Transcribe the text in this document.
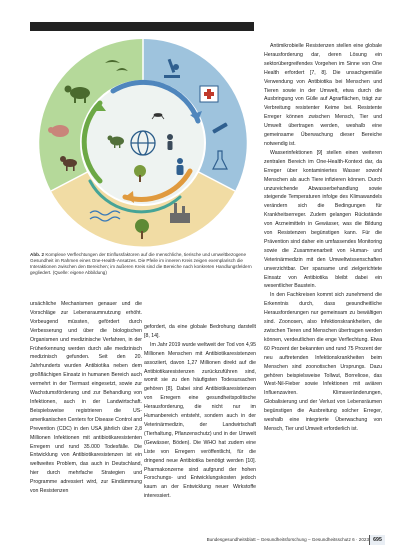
Abb. 2 Komplexe Verflechtungen der Einflussfaktoren auf die menschliche, tierische und umweltbezogene Gesundheit im Rahmen eines One-Health-Ansatzes. Die Pfeile im inneren Kreis zeigen exemplarisch die Interaktionen zwischen den Bereichen; im äußeren Kreis sind die Bereiche nach konkreten Handlungsfeldern gegliedert. (Quelle: eigene Abbildung)

ursächliche Mechanismen genauer und die Vorschläge zur Lebensraumnutzung erhöht. Vorbeugend müssten, gefördert durch Verbesserung und über die biologischen Organismen und medizinische Verfahren, in der Früherkennung werden durch alle medizinisch medizinisch gefunden. Seit den 20. Jahrhunderts wurden Antibiotika neben dem großflächigen Einsatz in humanen Bereich auch vermehrt in der Tiermast eingesetzt, sowie zur Wachstumsförderung und zur Behandlung von Infektionen, auch in der Landwirtschaft. Beispielsweise registrieren die US-amerikanischen Centers for Disease Control and Prevention (CDC) in den USA jährlich über 2,8 Millionen Infektionen mit antibiotikaresistenten Erregern und rund 35.000 Todesfälle. Die Entwicklung von Antibiotikaresistenzen ist ein weltweites Problem, das auch in Deutschland, hier durch mehrfache Strategien und Programme adressiert wird, zur Eindämmung von Resistenzen

gefordert, da eine globale Bedrohung darstellt [8, 14].

Im Jahr 2019 wurde weltweit der Tod von 4,95 Millionen Menschen mit Antibiotikaresistenzen assoziiert, davon 1,27 Millionen direkt auf die Antibiotikaresistenzen zurückzuführen sind, womit sie zu den häufigsten Todesursachen gehören [8]. Dabei sind Antibiotikaresistenzen von Erregern eine gesundheitspolitische Herausforderung, die nicht nur im Humanbereich entsteht, sondern auch in der Veterinärmedizin, der Landwirtschaft (Tierhaltung, Pflanzenschutz) und in der Umwelt (Gewässer, Böden). Die WHO hat zudem eine Liste von Erregern veröffentlicht, für die dringend neue Antibiotika benötigt werden [10]. Pharmakonzerne sind aufgrund der hohen Forschungs- und Entwicklungskosten jedoch kaum an der Entwicklung neuer Wirkstoffe interessiert.

Antimikrobielle Resistenzen stellen eine globale Herausforderung dar, deren Lösung ein sektorübergreifendes Vorgehen im Sinne von One Health erfordert [7, 8]. Die unsachgemäße Verwendung von Antibiotika bei Menschen und Tieren sowie in der Umwelt, etwa durch die Ausbringung von Gülle auf Agrarflächen, trägt zur Verbreitung resistenter Keime bei. Resistente Erreger können zwischen Mensch, Tier und Umwelt übertragen werden, weshalb eine gemeinsame Überwachung dieser Bereiche notwendig ist.

Wasserinfektionen [9] stellen einen weiteren zentralen Bereich im One-Health-Kontext dar, da Erreger über kontaminiertes Wasser sowohl Menschen als auch Tiere infizieren können. Durch unzureichende Abwasserbehandlung sowie steigende Temperaturen infolge des Klimawandels verändern sich die Bedingungen für Krankheitserreger. Zudem gelangen Rückstände von Arzneimitteln in Gewässer, was die Bildung von Resistenzen begünstigen kann. Für die Prävention sind daher ein umfassendes Monitoring sowie die Zusammenarbeit von Human- und Veterinärmedizin mit den Umweltwissenschaften unverzichtbar. Der sparsame und zielgerichtete Einsatz von Antibiotika bleibt dabei ein wesentlicher Baustein.

In den Fachkreisen kommt sich zunehmend die Erkenntnis durch, dass gesundheitliche Herausforderungen nur gemeinsam zu bewältigen sind. Zoonosen, also Infektionskrankheiten, die zwischen Tieren und Menschen übertragen werden können, verdeutlichen die enge Verflechtung. Etwa 60 Prozent der bekannten und rund 75 Prozent der neu auftretenden Infektionskrankheiten beim Menschen sind zoonotischen Ursprungs. Dazu gehören beispielsweise Tollwut, Borreliose, das West-Nil-Fieber sowie Infektionen mit aviären Influenzaviren. Klimaveränderungen, Globalisierung und der Verlust von Lebensräumen begünstigen die Ausbreitung solcher Erreger, weshalb eine integrierte Überwachung von Mensch, Tier und Umwelt erforderlich ist.

Bundesgesundheitsblatt – Gesundheitsforschung – Gesundheitsschutz 6 · 2023 695
